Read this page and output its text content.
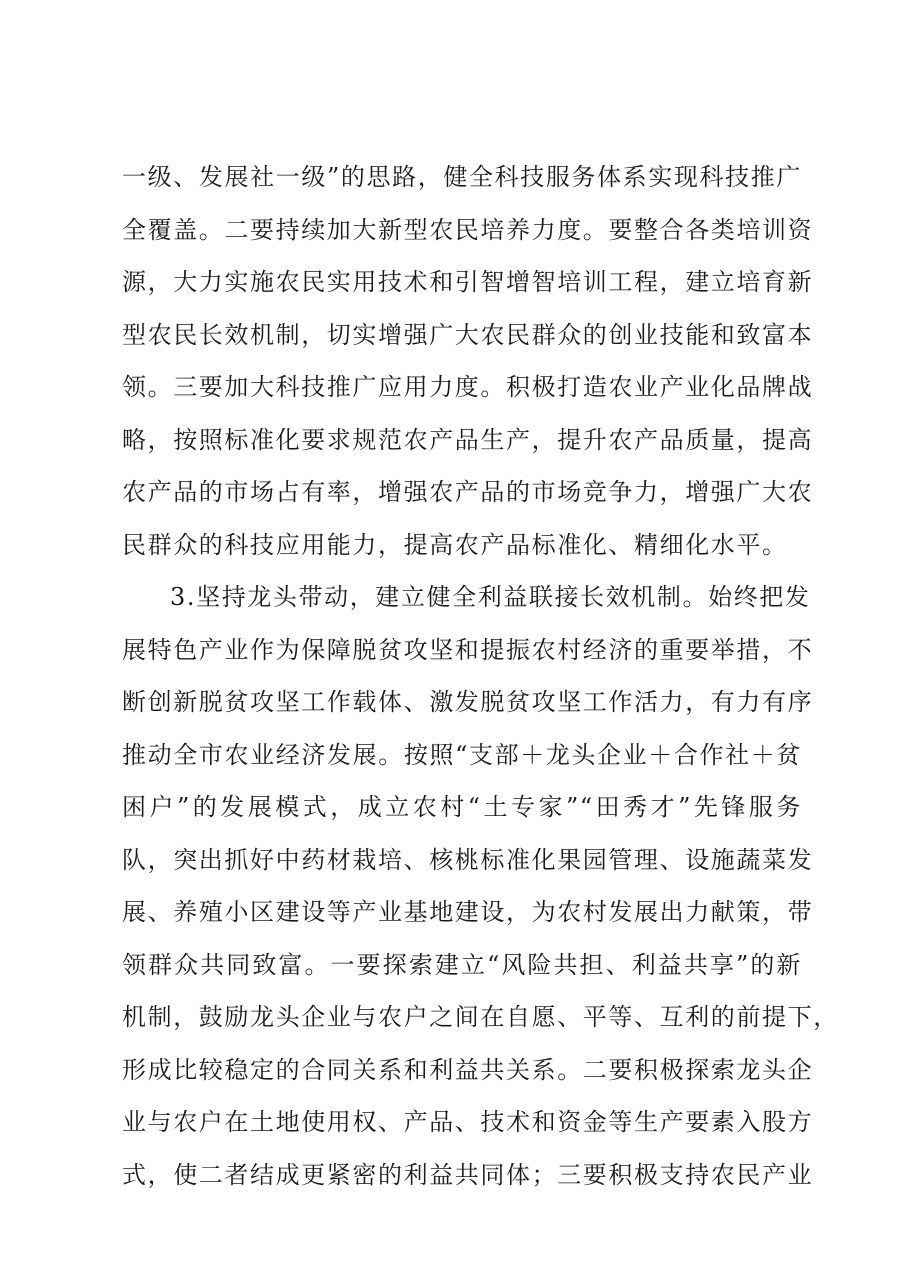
一级、发展社一级”的思路，健全科技服务体系实现科技推广
全覆盖。二要持续加大新型农民培养力度。要整合各类培训资
源，大力实施农民实用技术和引智增智培训工程，建立培育新
型农民长效机制，切实增强广大农民群众的创业技能和致富本
领。三要加大科技推广应用力度。积极打造农业产业化品牌战
略，按照标准化要求规范农产品生产，提升农产品质量，提高
农产品的市场占有率，增强农产品的市场竞争力，增强广大农
民群众的科技应用能力，提高农产品标准化、精细化水平。
3.坚持龙头带动，建立健全利益联接长效机制。始终把发
展特色产业作为保障脱贫攻坚和提振农村经济的重要举措，不
断创新脱贫攻坚工作载体、激发脱贫攻坚工作活力，有力有序
推动全市农业经济发展。按照“支部＋龙头企业＋合作社＋贫
困户”的发展模式，成立农村“土专家”“田秀才”先锋服务
队，突出抓好中药材栽培、核桃标准化果园管理、设施蔬菜发
展、养殖小区建设等产业基地建设，为农村发展出力献策，带
领群众共同致富。一要探索建立“风险共担、利益共享”的新
机制，鼓励龙头企业与农户之间在自愿、平等、互利的前提下，
形成比较稳定的合同关系和利益共关系。二要积极探索龙头企
业与农户在土地使用权、产品、技术和资金等生产要素入股方
式，使二者结成更紧密的利益共同体；三要积极支持农民产业
